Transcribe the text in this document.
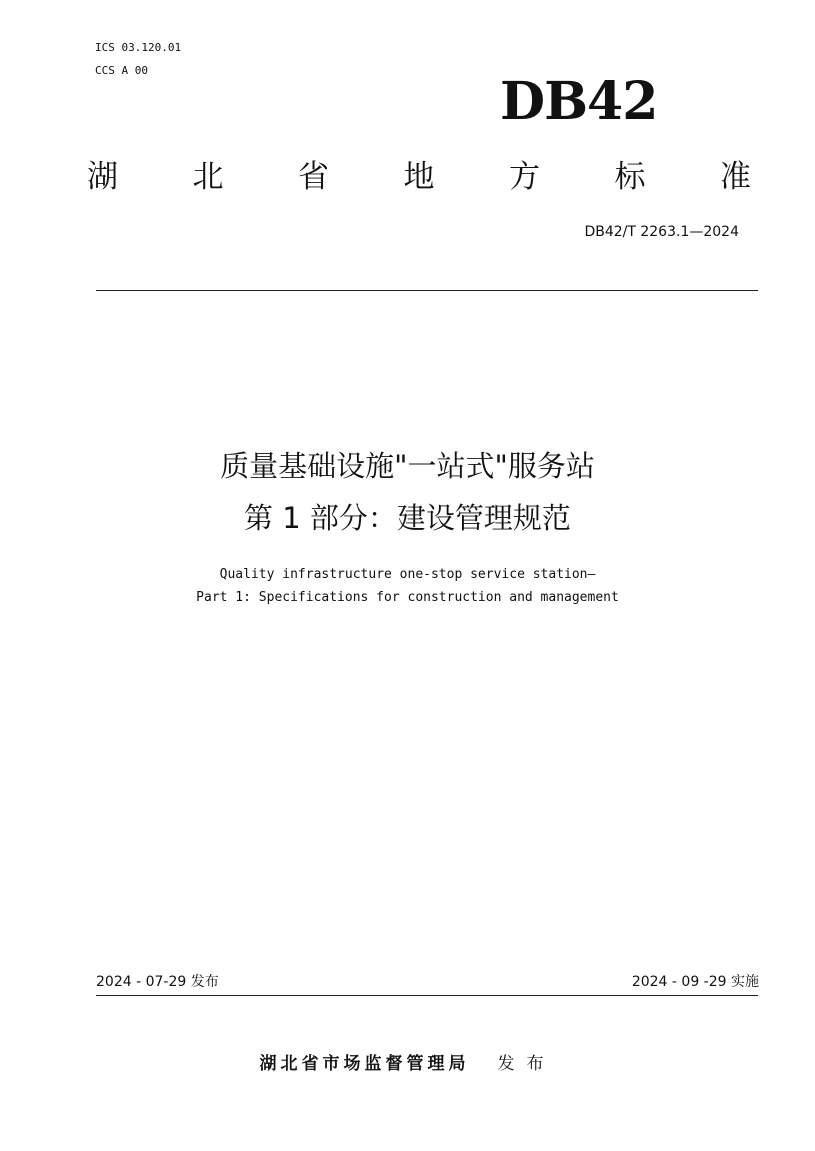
ICS 03.120.01
CCS A 00
DB42
湖 北 省 地 方 标 准
DB42/T 2263.1—2024
质量基础设施"一站式"服务站
第 1 部分：建设管理规范
Quality infrastructure one-stop service station—
Part 1: Specifications for construction and management
2024 - 07-29 发布	2024 - 09 -29 实施
湖北省市场监督管理局 发布
